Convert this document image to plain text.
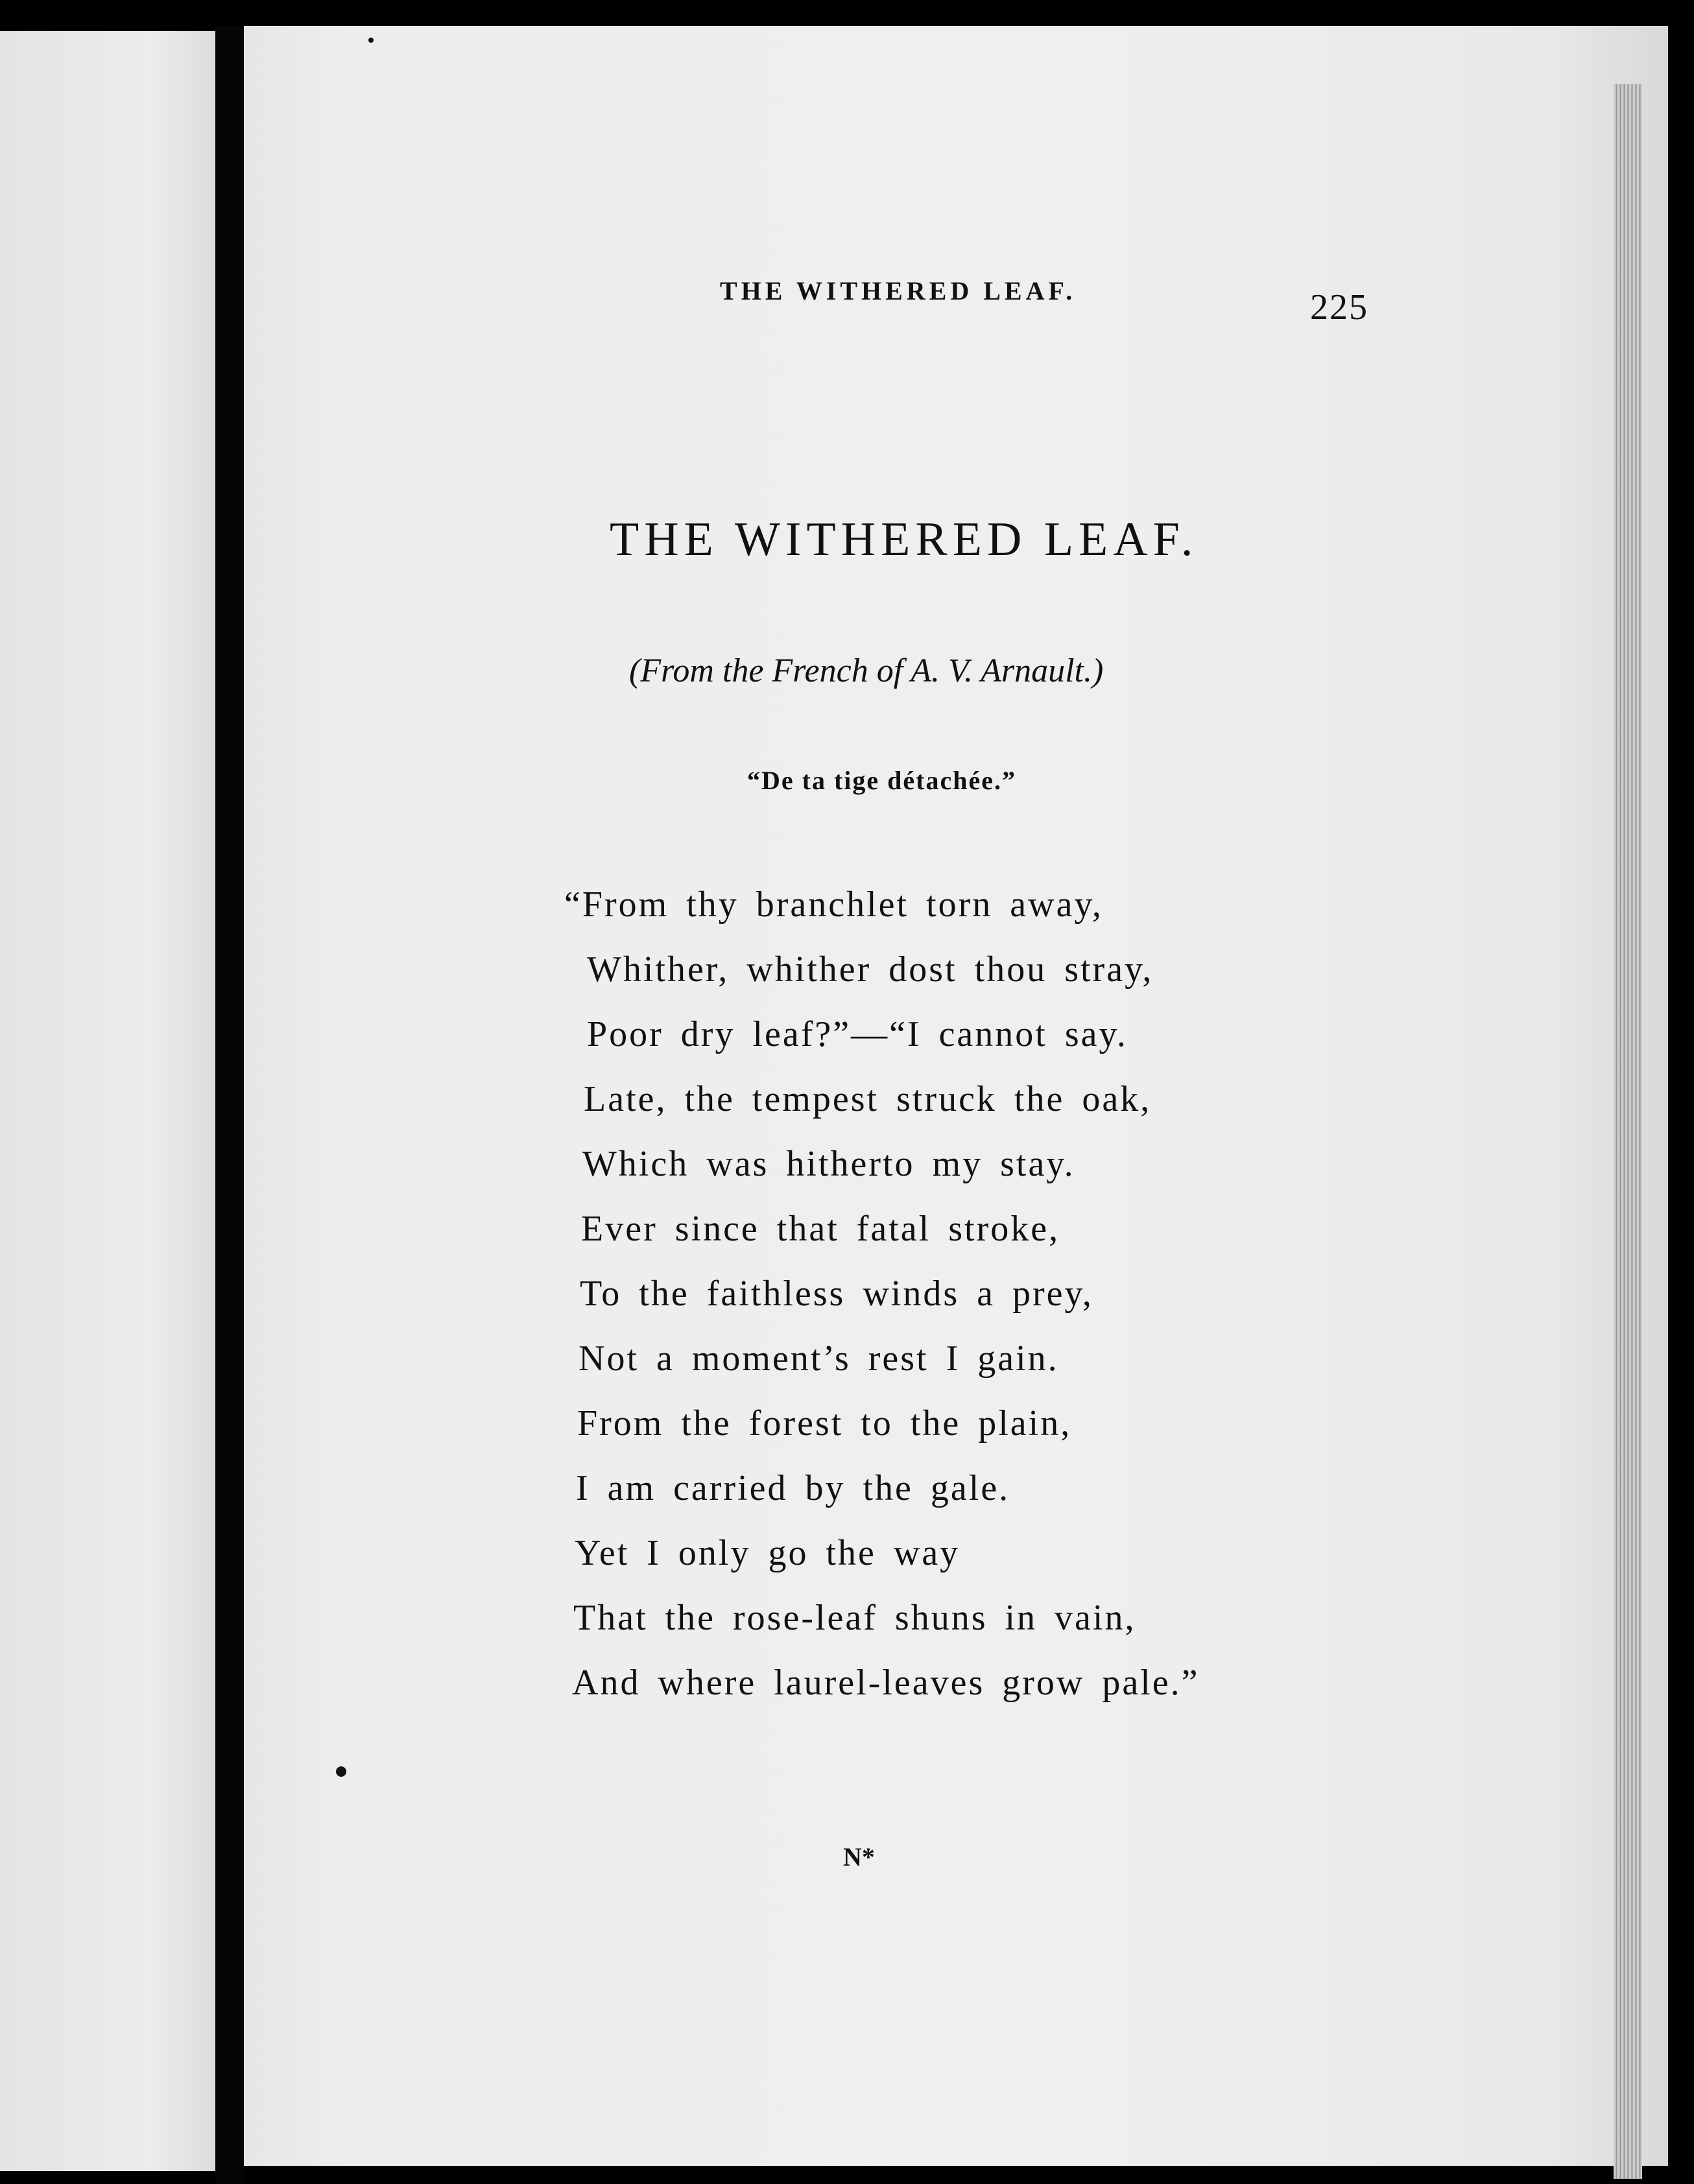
THE WITHERED LEAF.	225
THE WITHERED LEAF.
(From the French of A. V. Arnault.)
“De ta tige détachée.”
“From thy branchlet torn away,
Whither, whither dost thou stray,
Poor dry leaf?”—“I cannot say.
Late, the tempest struck the oak,
Which was hitherto my stay.
Ever since that fatal stroke,
To the faithless winds a prey,
Not a moment’s rest I gain.
From the forest to the plain,
I am carried by the gale.
Yet I only go the way
That the rose-leaf shuns in vain,
And where laurel-leaves grow pale.”
N*
